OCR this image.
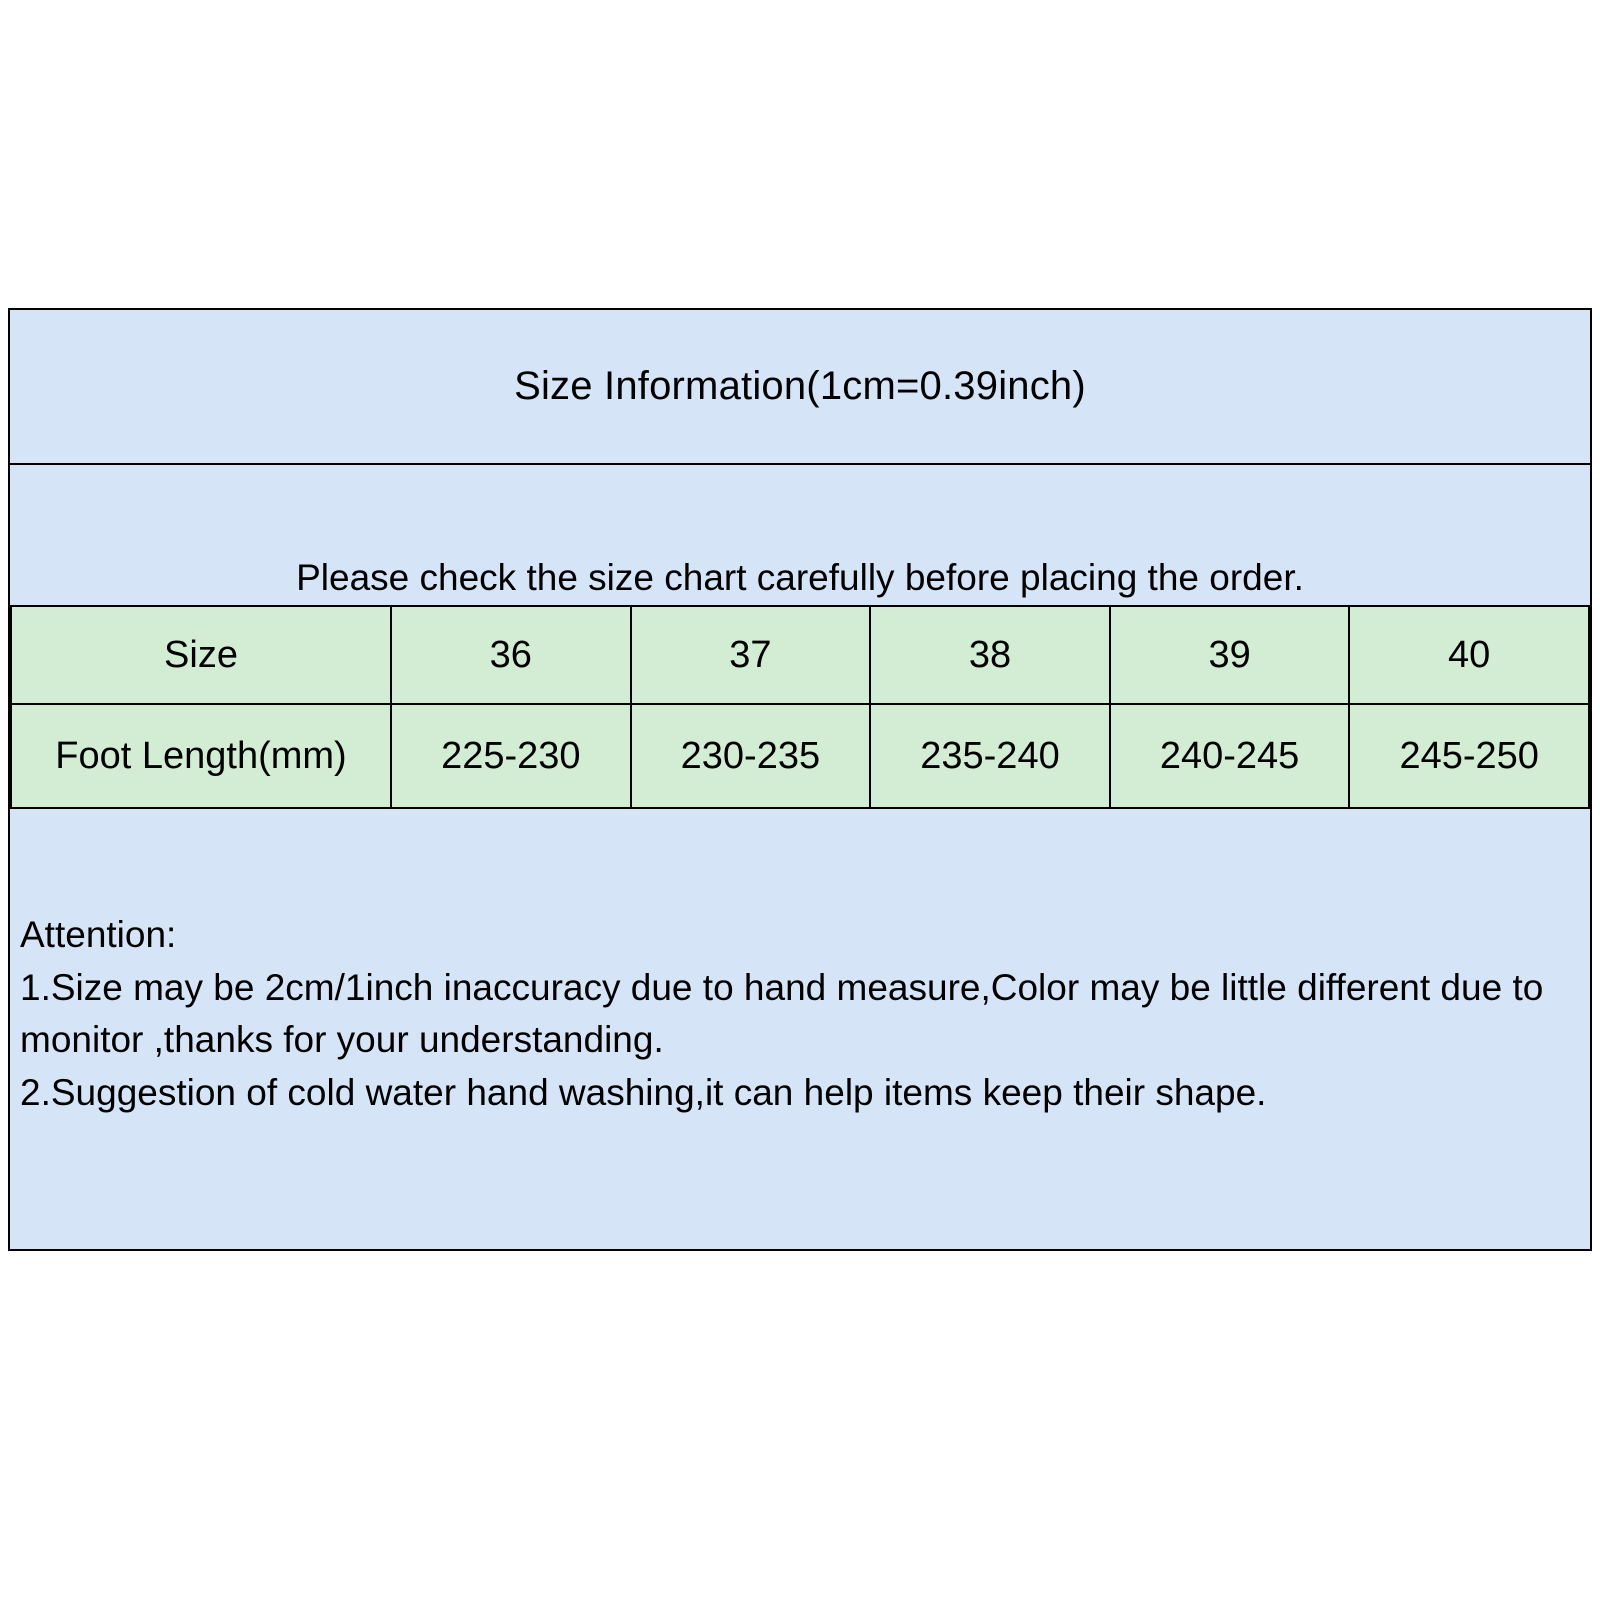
Size Information(1cm=0.39inch)
Please check the size chart carefully before placing the order.
Size	36	37	38	39	40
Foot Length(mm)	225-230	230-235	235-240	240-245	245-250
Attention:
1.Size may be 2cm/1inch inaccuracy due to hand measure,Color may be little different due to monitor ,thanks for your understanding.
2.Suggestion of cold water hand washing,it can help items keep their shape.
